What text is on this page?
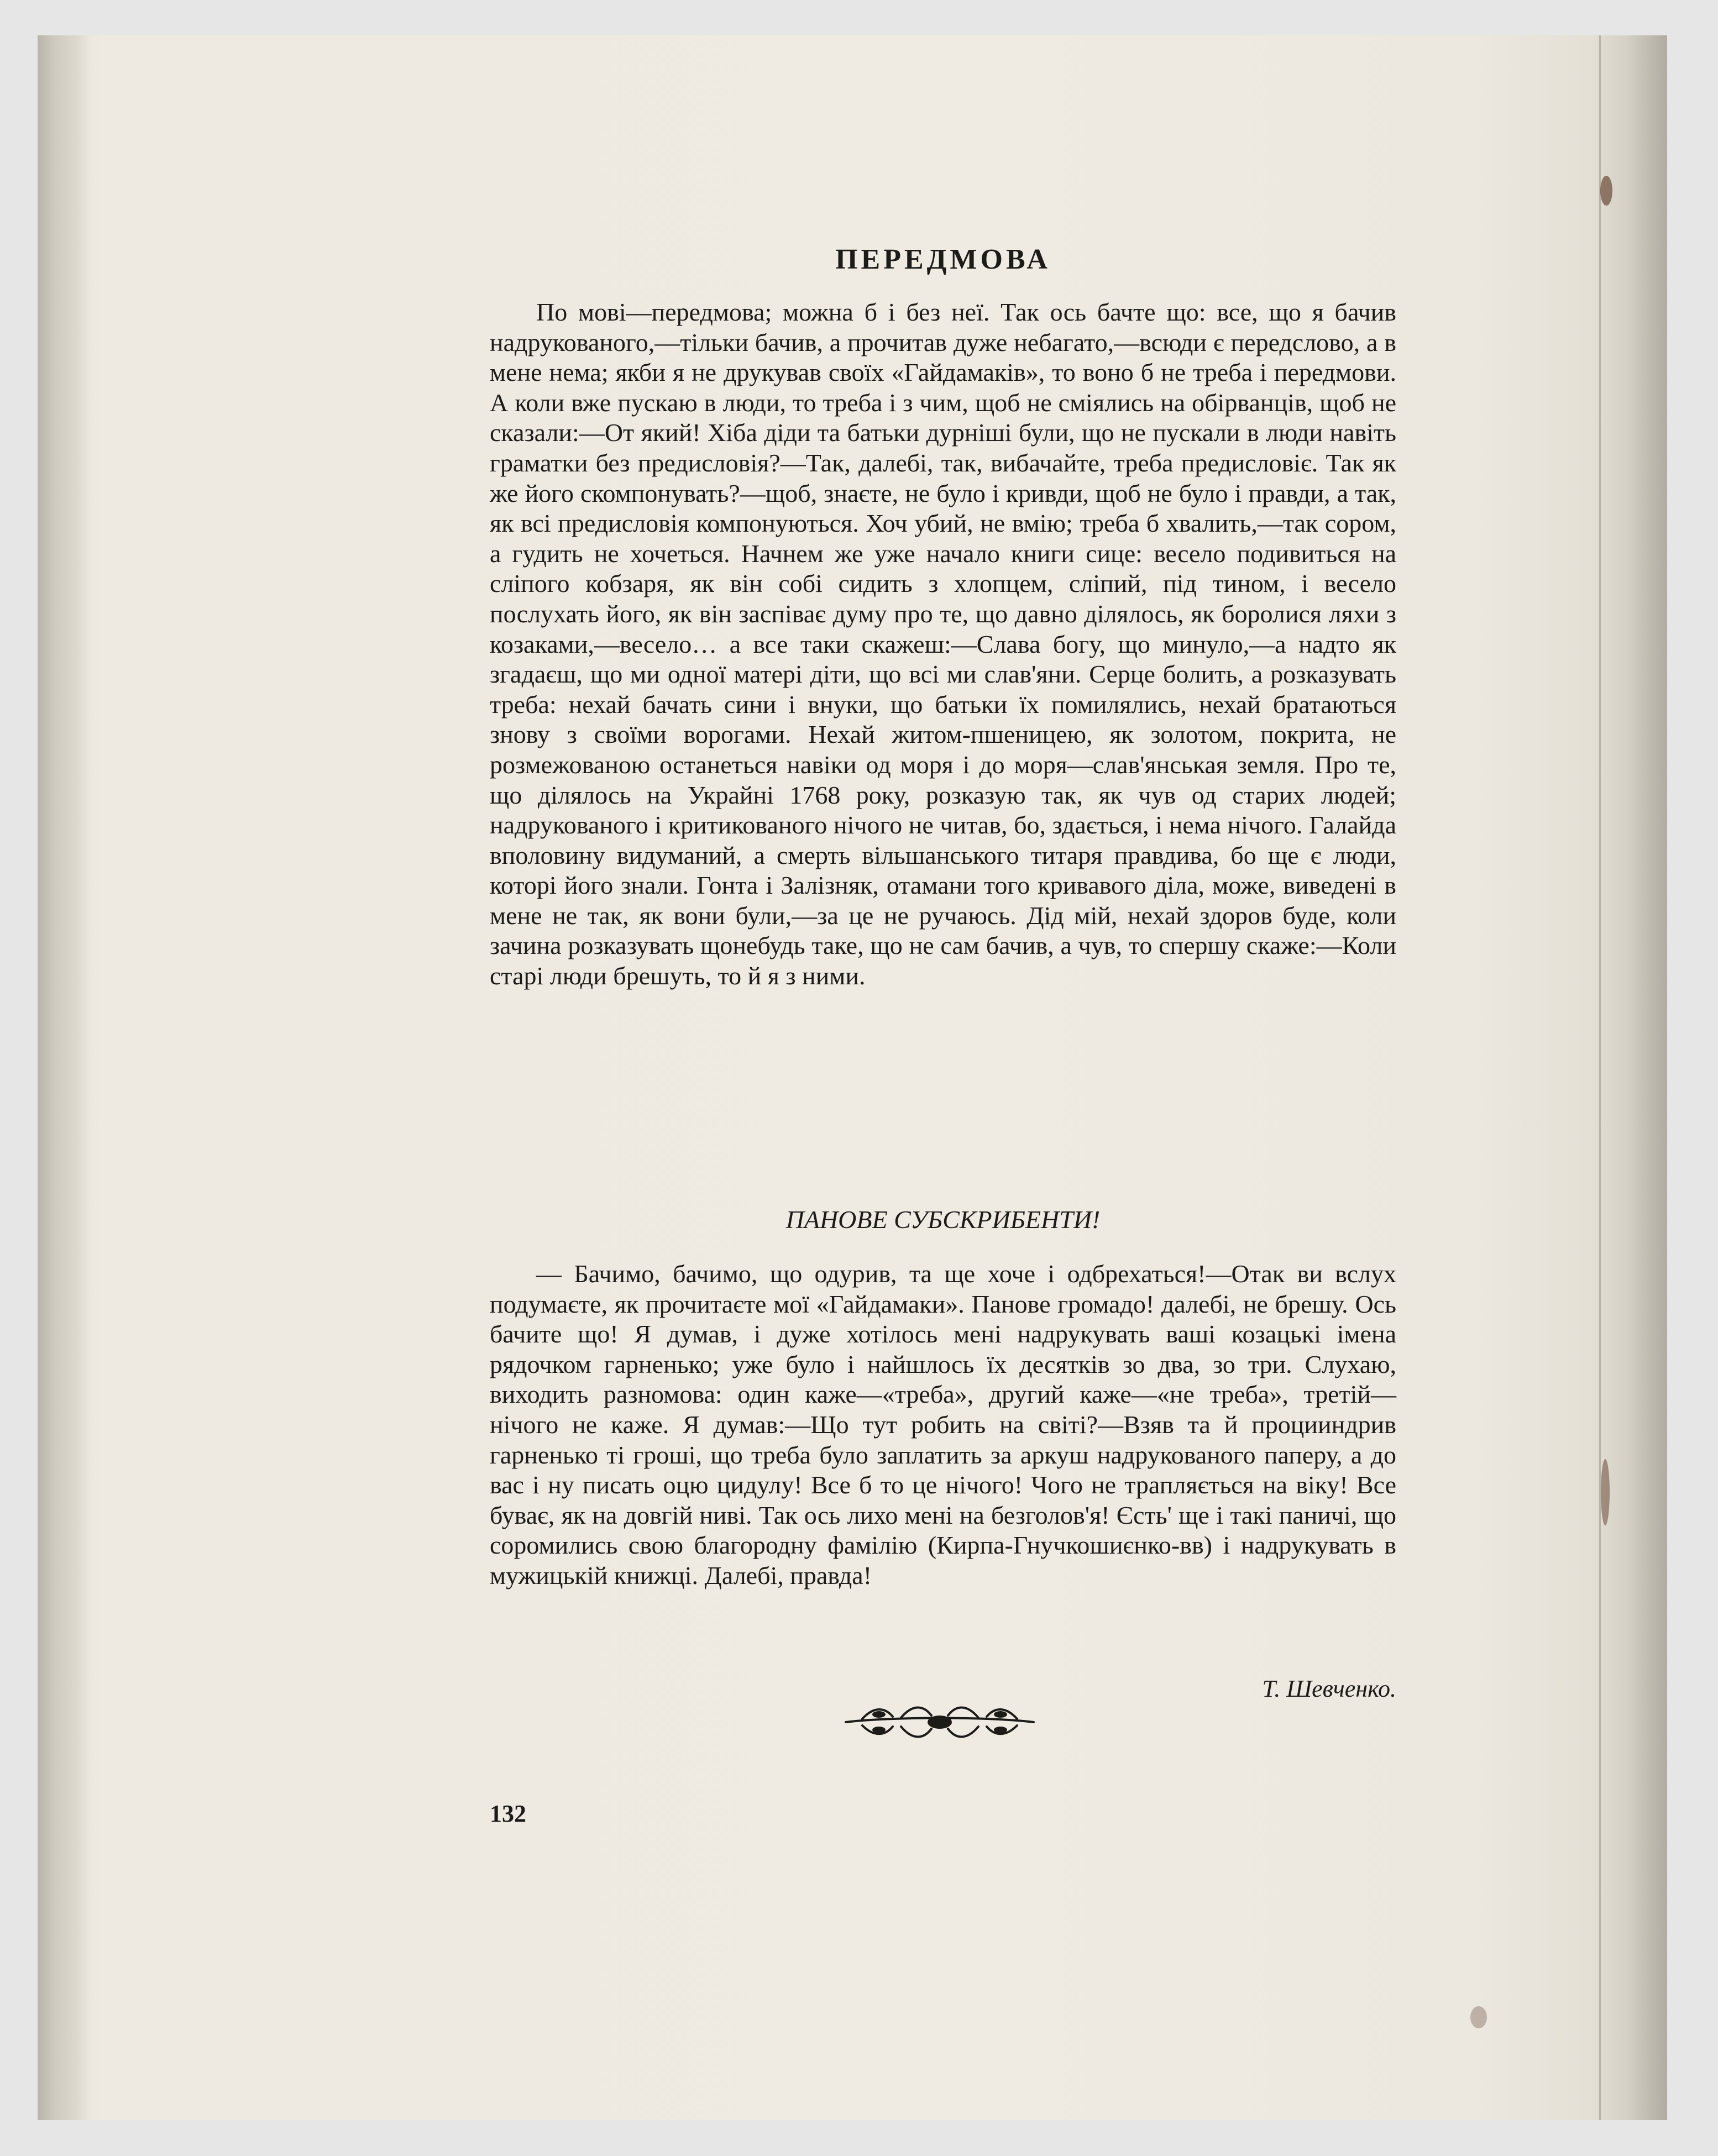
ПЕРЕДМОВА

По мові—передмова; можна б і без неї. Так ось бачте що: все, що я бачив надрукованого,—тільки бачив, а прочитав дуже небагато,—всюди є передслово, а в мене нема; якби я не друкував своїх «Гайдамаків», то воно б не треба і передмови. А коли вже пускаю в люди, то треба і з чим, щоб не сміялись на обірванців, щоб не сказали:—От який! Хіба діди та батьки дурніші були, що не пускали в люди навіть граматки без предисловія?—Так, далебі, так, вибачайте, треба предисловіє. Так як же його скомпонувать?—щоб, знаєте, не було і кривди, щоб не було і правди, а так, як всі предисловія компонуються. Хоч убий, не вмію; треба б хвалить,—так сором, а гудить не хочеться. Начнем же уже начало книги сице: весело подивиться на сліпого кобзаря, як він собі сидить з хлопцем, сліпий, під тином, і весело послухать його, як він заспіває думу про те, що давно ділялось, як боролися ляхи з козаками,—весело… а все таки скажеш:—Слава богу, що минуло,—а надто як згадаєш, що ми одної матері діти, що всі ми слав'яни. Серце болить, а розказувать треба: нехай бачать сини і внуки, що батьки їх помилялись, нехай братаються знову з своїми ворогами. Нехай житом-пшеницею, як золотом, покрита, не розмежованою останеться навіки од моря і до моря—слав'янськая земля. Про те, що ділялось на Украйні 1768 року, розказую так, як чув од старих людей; надрукованого і критикованого нічого не читав, бо, здається, і нема нічого. Галайда вполовину видуманий, а смерть вільшанського титаря правдива, бо ще є люди, которі його знали. Гонта і Залізняк, отамани того кривавого діла, може, виведені в мене не так, як вони були,—за це не ручаюсь. Дід мій, нехай здоров буде, коли зачина розказувать щонебудь таке, що не сам бачив, а чув, то спершу скаже:—Коли старі люди брешуть, то й я з ними.

ПАНОВЕ СУБСКРИБЕНТИ!

— Бачимо, бачимо, що одурив, та ще хоче і одбрехаться!—Отак ви вслух подумаєте, як прочитаєте мої «Гайдамаки». Панове громадо! далебі, не брешу. Ось бачите що! Я думав, і дуже хотілось мені надрукувать ваші козацькі імена рядочком гарненько; уже було і найшлось їх десятків зо два, зо три. Слухаю, виходить разномова: один каже—«треба», другий каже—«не треба», третій—нічого не каже. Я думав:—Що тут робить на світі?—Взяв та й процииндрив гарненько ті гроші, що треба було заплатить за аркуш надрукованого паперу, а до вас і ну писать оцю цидулу! Все б то це нічого! Чого не трапляється на віку! Все буває, як на довгій ниві. Так ось лихо мені на безголов'я! Єсть' ще і такі паничі, що соромились свою благородну фамілію (Кирпа-Гнучкошиєнко-вв) і надрукувать в мужицькій книжці. Далебі, правда!

Т. Шевченко.
132
